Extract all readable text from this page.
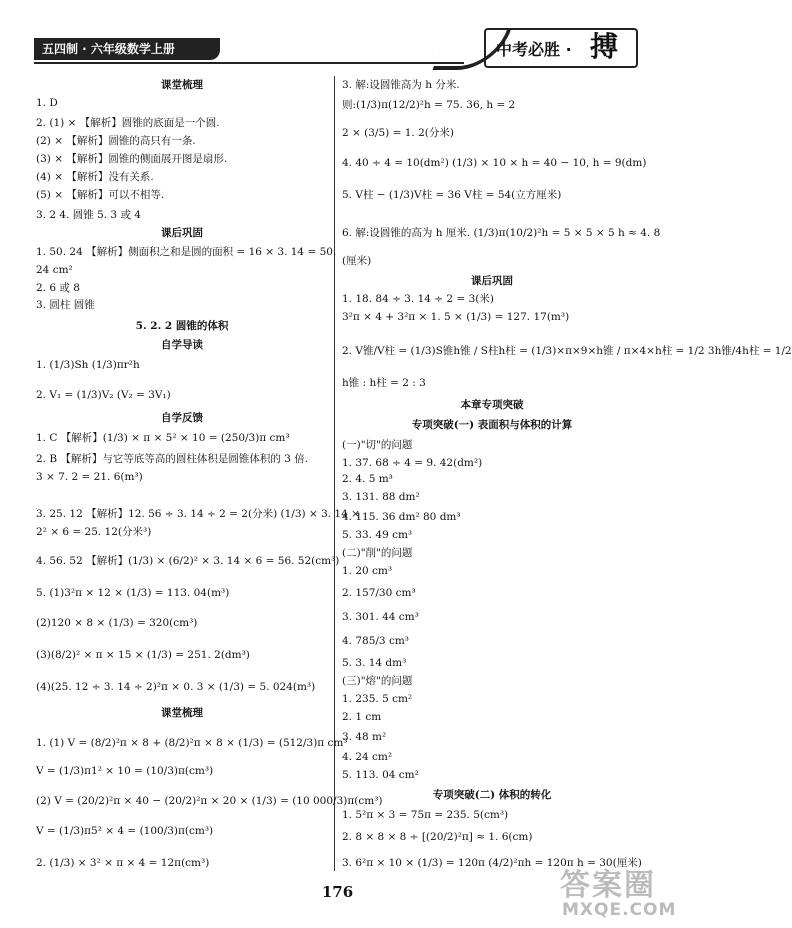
五四制 · 六年级数学上册	中考必胜 · 搏
课堂梳理
1. D
2. (1) × 【解析】圆锥的底面是一个圆.
(2) × 【解析】圆锥的高只有一条.
(3) × 【解析】圆锥的侧面展开图是扇形.
(4) × 【解析】没有关系.
(5) × 【解析】可以不相等.
3. 2 4. 圆锥 5. 3 或 4
课后巩固
1. 50. 24 【解析】侧面积之和是圆的面积 = 16 × 3. 14 = 50.
24 cm²
2. 6 或 8
3. 圆柱 圆锥
5. 2. 2 圆锥的体积
自学导读
1. (1/3)Sh (1/3)πr²h
2. V₁ = (1/3)V₂ (V₂ = 3V₁)
自学反馈
1. C 【解析】(1/3) × π × 5² × 10 = (250/3)π cm³
2. B 【解析】与它等底等高的圆柱体积是圆锥体积的 3 倍.
3 × 7. 2 = 21. 6(m³)
3. 25. 12 【解析】12. 56 ÷ 3. 14 ÷ 2 = 2(分米) (1/3) × 3. 14 ×
2² × 6 = 25. 12(分米³)
4. 56. 52 【解析】(1/3) × (6/2)² × 3. 14 × 6 = 56. 52(cm³)
5. (1)3²π × 12 × (1/3) = 113. 04(m³)
(2)120 × 8 × (1/3) = 320(cm³)
(3)(8/2)² × π × 15 × (1/3) = 251. 2(dm³)
(4)(25. 12 ÷ 3. 14 ÷ 2)²π × 0. 3 × (1/3) = 5. 024(m³)
课堂梳理
1. (1) V = (8/2)²π × 8 + (8/2)²π × 8 × (1/3) = (512/3)π cm³
V = (1/3)π1² × 10 = (10/3)π(cm³)
(2) V = (20/2)²π × 40 − (20/2)²π × 20 × (1/3) = (10 000/3)π(cm³)
V = (1/3)π5² × 4 = (100/3)π(cm³)
2. (1/3) × 3² × π × 4 = 12π(cm³)
3. 解:设圆锥高为 h 分米.
则:(1/3)π(12/2)²h = 75. 36, h = 2
2 × (3/5) = 1. 2(分米)
4. 40 ÷ 4 = 10(dm²) (1/3) × 10 × h = 40 − 10, h = 9(dm)
5. V柱 − (1/3)V柱 = 36 V柱 = 54(立方厘米)
6. 解:设圆锥的高为 h 厘米. (1/3)π(10/2)²h = 5 × 5 × 5 h ≈ 4. 8
(厘米)
课后巩固
1. 18. 84 ÷ 3. 14 ÷ 2 = 3(米)
3²π × 4 + 3²π × 1. 5 × (1/3) = 127. 17(m³)
2. V锥/V柱 = (1/3)S锥h锥 / S柱h柱 = (1/3)×π×9×h锥 / π×4×h柱 = 1/2 3h锥/4h柱 = 1/2
h锥 : h柱 = 2 : 3
本章专项突破
专项突破(一) 表面积与体积的计算
(一)"切"的问题
1. 37. 68 ÷ 4 = 9. 42(dm²)
2. 4. 5 m³
3. 131. 88 dm²
4. 115. 36 dm² 80 dm³
5. 33. 49 cm³
(二)"削"的问题
1. 20 cm³
2. 157/30 cm³
3. 301. 44 cm³
4. 785/3 cm³
5. 3. 14 dm³
(三)"熔"的问题
1. 235. 5 cm²
2. 1 cm
3. 48 m²
4. 24 cm²
5. 113. 04 cm²
专项突破(二) 体积的转化
1. 5²π × 3 = 75π = 235. 5(cm³)
2. 8 × 8 × 8 ÷ [(20/2)²π] ≈ 1. 6(cm)
3. 6²π × 10 × (1/3) = 120π (4/2)²πh = 120π h = 30(厘米)
176	答案圈
MXQE.COM
